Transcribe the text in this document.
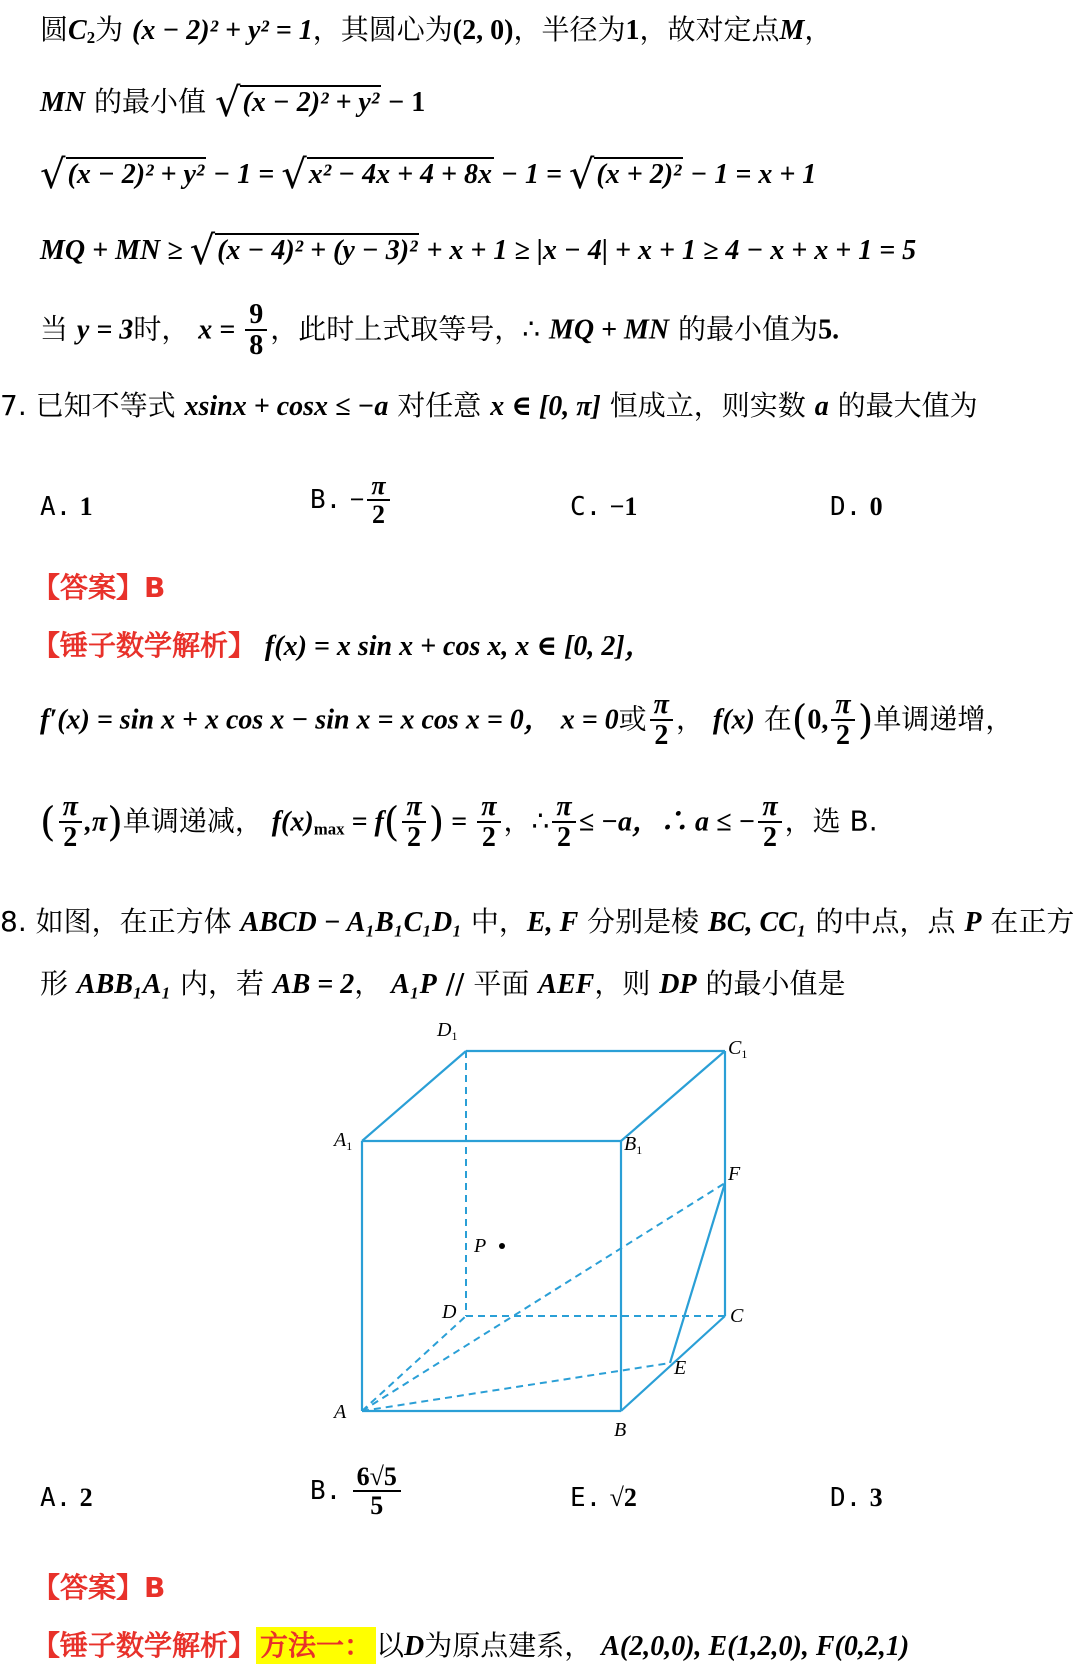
圆$C_2$为 (x − 2)² + y² = 1，其圆心为(2, 0)，半径为1，故对定点M，
MN 的最小值 √(x − 2)² + y² − 1
√(x − 2)² + y² − 1 = √x² − 4x + 4 + 8x − 1 = √(x + 2)² − 1 = x + 1
MQ + MN ≥ √(x − 4)² + (y − 3)² + x + 1 ≥ |x − 4| + x + 1 ≥ 4 − x + x + 1 = 5
当 y = 3时， $x = \frac{9}{8}$ ，此时上式取等号，∴ MQ + MN 的最小值为5.
7. 已知不等式 xsinx + cosx ≤ −a 对任意 x ∈ [0, π] 恒成立，则实数 a 的最大值为
A. 1	B. − $\frac{\pi}{2}$	C. −1	D. 0
【答案】B
【锤子数学解析】 f(x) = x sin x + cos x, x ∈ [0, 2]，
f′(x) = sin x + x cos x − sin x = x cos x = 0， x = 0或 $\frac{\pi}{2}$ ， f(x) 在(0, $\frac{\pi}{2}$ )单调递增，
( $\frac{\pi}{2} ,\pi$)单调递减， $f(x)_{max} = f( \frac{\pi}{2}$ ) = $\frac{\pi}{2}$ ，∴ $\frac{\pi}{2} \le -a$，∴ a ≤ − $\frac{\pi}{2}$ ，选 B.
8. 如图，在正方体 ABCD − A₁B₁C₁D₁ 中，E, F 分别是棱 BC, CC₁ 的中点，点 P 在正方
形 ABB₁A₁ 内，若 AB = 2， A₁P // 平面 AEF，则 DP 的最小值是
A
B
C
D
$A_1$	$B_1$
$C_1$
$D_1$
E
F
P
A. 2	B. $\frac{6√5}{5}$	E. √2	D. 3
【答案】B
【锤子数学解析】 方法一： 以D为原点建系， A(2,0,0), E(1,2,0), F(0,2,1)
